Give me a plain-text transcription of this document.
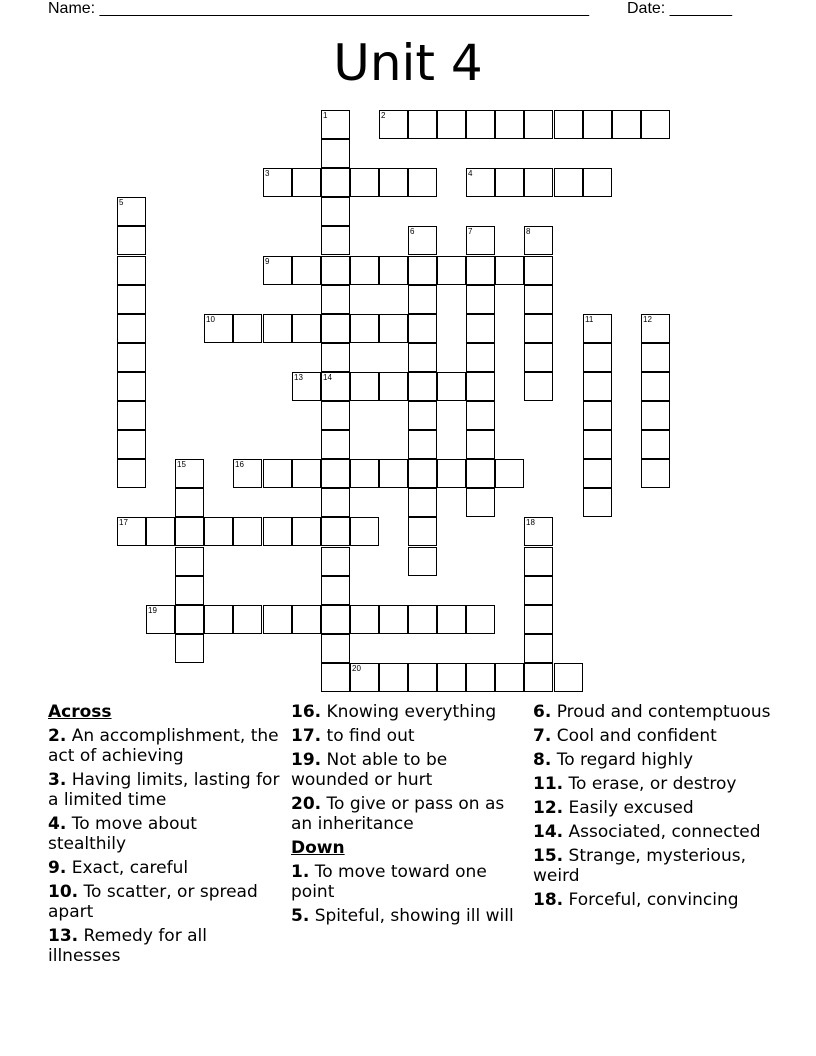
Name: _______________________________________________________ Date: _______
Unit 4
1
14
2
3	4
5
6	7	8
9
10	11	12
13
15	16
17	18
19
20
Across
2. An accomplishment, the act of achieving
3. Having limits, lasting for a limited time
4. To move about stealthily
9. Exact, careful
10. To scatter, or spread apart
13. Remedy for all illnesses
16. Knowing everything
17. to find out
19. Not able to be wounded or hurt
20. To give or pass on as an inheritance
Down
1. To move toward one point
5. Spiteful, showing ill will
6. Proud and contemptuous
7. Cool and confident
8. To regard highly
11. To erase, or destroy
12. Easily excused
14. Associated, connected
15. Strange, mysterious, weird
18. Forceful, convincing
